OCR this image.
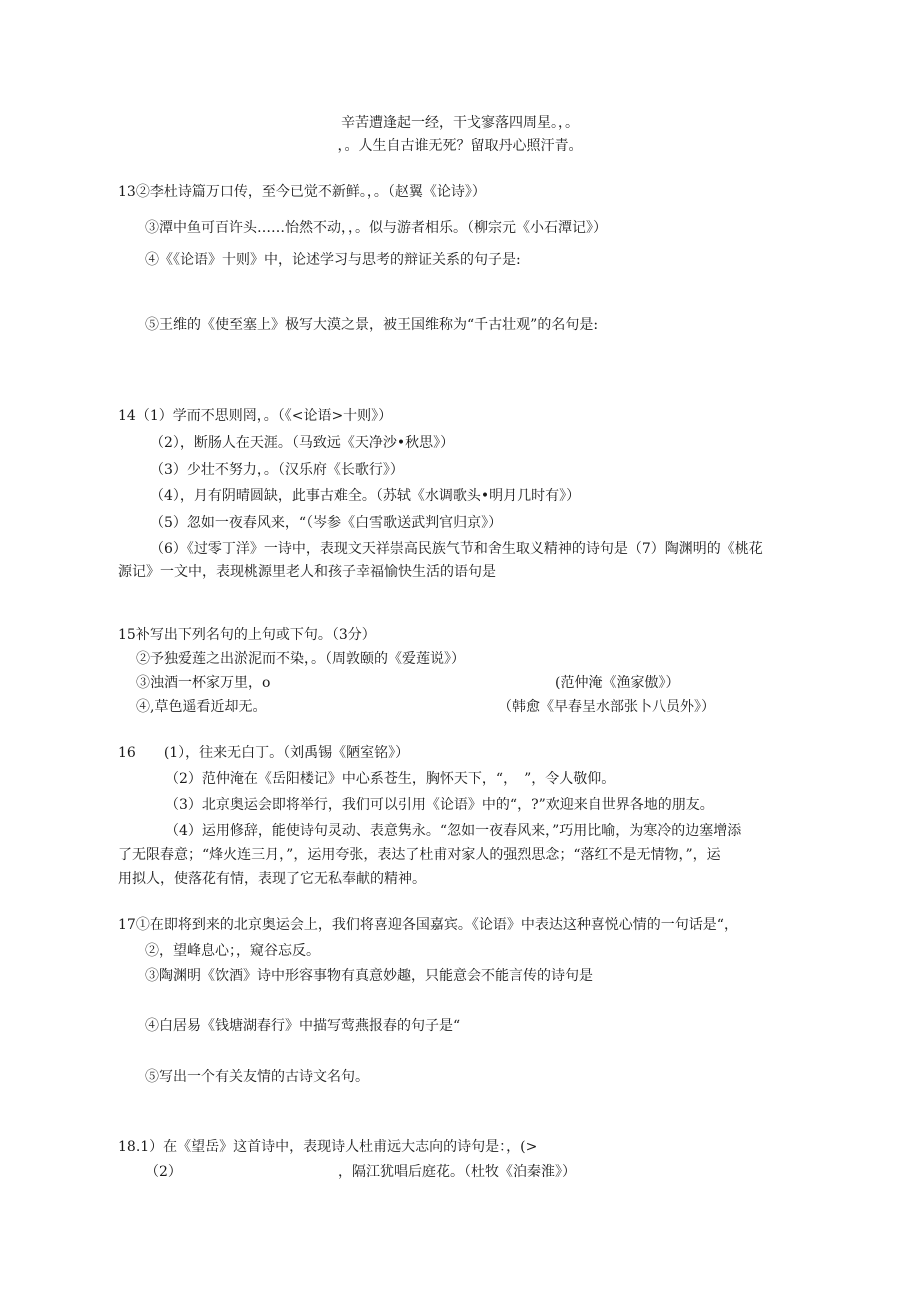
辛苦遭逢起一经，干戈寥落四周星。，。
，。人生自古谁无死？留取丹心照汗青。
13②李杜诗篇万口传，至今已觉不新鲜。，。（赵翼《论诗》）
③潭中鱼可百许头……怡然不动，，。似与游者相乐。（柳宗元《小石潭记》）
④《《论语》十则》中，论述学习与思考的辩证关系的句子是:
⑤王维的《使至塞上》极写大漠之景，被王国维称为“千古壮观”的名句是:
14（1）学而不思则罔，。（《<论语>十则》）
（2），断肠人在天涯。（马致远《天净沙•秋思》）
（3）少壮不努力，。（汉乐府《长歌行》）
（4），月有阴晴圆缺，此事古难全。（苏轼《水调歌头•明月几时有》）
（5）忽如一夜春风来，“（岑参《白雪歌送武判官归京》）
（6）《过零丁洋》一诗中，表现文天祥崇高民族气节和舍生取义精神的诗句是（7）陶渊明的《桃花
源记》一文中，表现桃源里老人和孩子幸福愉快生活的语句是
15补写出下列名句的上句或下句。（3分）
②予独爱莲之出淤泥而不染，。（周敦颐的《爱莲说》）
③浊酒一杯家万里，o	(范仲淹《渔家傲》）
④,草色遥看近却无。	（韩愈《早春呈水部张卜八员外》）
16　　(1），往来无白丁。（刘禹锡《陋室铭》）
（2）范仲淹在《岳阳楼记》中心系苍生，胸怀天下，“，　”，令人敬仰。
（3）北京奥运会即将举行，我们可以引用《论语》中的“，?”欢迎来自世界各地的朋友。
（4）运用修辞，能使诗句灵动、表意隽永。“忽如一夜春风来，”巧用比喻，为寒冷的边塞增添
了无限春意；“烽火连三月，”，运用夸张，表达了杜甫对家人的强烈思念；“落红不是无情物，”，运
用拟人，使落花有情，表现了它无私奉献的精神。
17①在即将到来的北京奥运会上，我们将喜迎各国嘉宾。《论语》中表达这种喜悦心情的一句话是“，
②，望峰息心；，窥谷忘反。
③陶渊明《饮酒》诗中形容事物有真意妙趣，只能意会不能言传的诗句是
④白居易《钱塘湖春行》中描写莺燕报春的句子是“
⑤写出一个有关友情的古诗文名句。
18.1）在《望岳》这首诗中，表现诗人杜甫远大志向的诗句是：，(>
（2）	，隔江犹唱后庭花。（杜牧《泊秦淮》）
